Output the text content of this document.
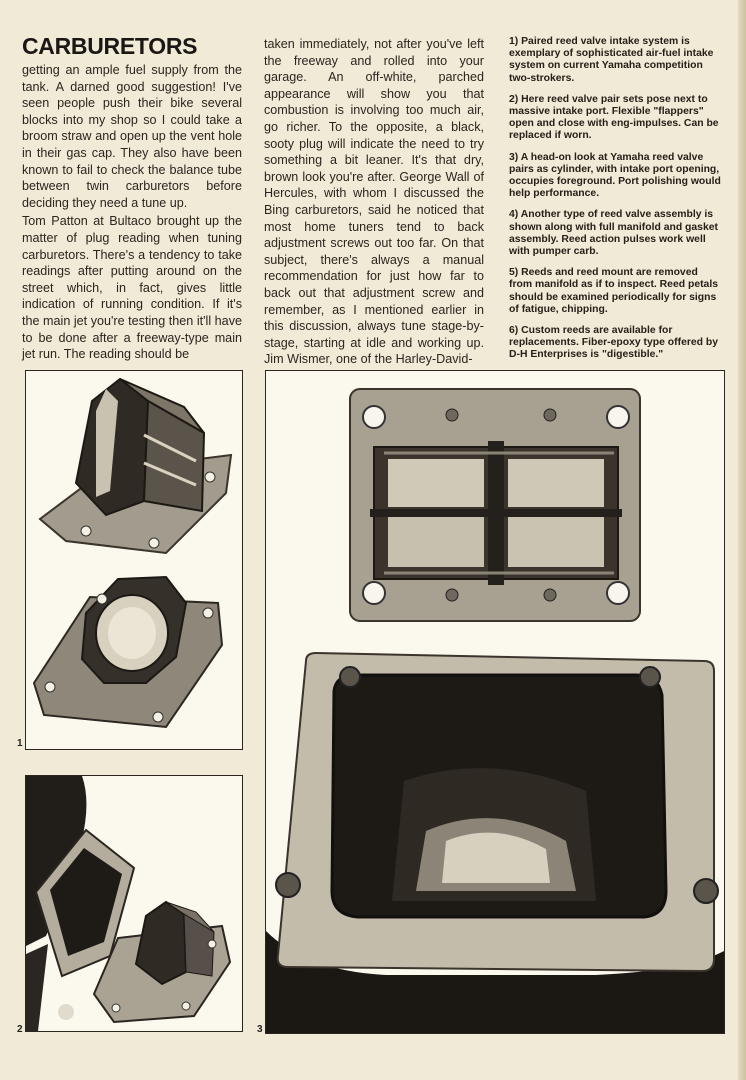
CARBURETORS

getting an ample fuel supply from the tank. A darned good suggestion! I've seen people push their bike several blocks into my shop so I could take a broom straw and open up the vent hole in their gas cap. They also have been known to fail to check the balance tube between twin carburetors before deciding they need a tune up.

Tom Patton at Bultaco brought up the matter of plug reading when tuning carburetors. There's a tendency to take readings after putting around on the street which, in fact, gives little indication of running condition. If it's the main jet you're testing then it'll have to be done after a freeway-type main jet run. The reading should be

taken immediately, not after you've left the freeway and rolled into your garage. An off-white, parched appearance will show you that combustion is involving too much air, go richer. To the opposite, a black, sooty plug will indicate the need to try something a bit leaner. It's that dry, brown look you're after. George Wall of Hercules, with whom I discussed the Bing carburetors, said he noticed that most home tuners tend to back adjustment screws out too far. On that subject, there's always a manual recommendation for just how far to back out that adjustment screw and remember, as I mentioned earlier in this discussion, always tune stage-by-stage, starting at idle and working up. Jim Wismer, one of the Harley-David-

1) Paired reed valve intake system is exemplary of sophisticated air-fuel intake system on current Yamaha competition two-strokers.

2) Here reed valve pair sets pose next to massive intake port. Flexible "flappers" open and close with eng-impulses. Can be replaced if worn.

3) A head-on look at Yamaha reed valve pairs as cylinder, with intake port opening, occupies foreground. Port polishing would help performance.

4) Another type of reed valve assembly is shown along with full manifold and gasket assembly. Reed action pulses work well with pumper carb.

5) Reeds and reed mount are removed from manifold as if to inspect. Reed petals should be examined periodically for signs of fatigue, chipping.

6) Custom reeds are available for replacements. Fiber-epoxy type offered by D-H Enterprises is "digestible."

1
2	3
